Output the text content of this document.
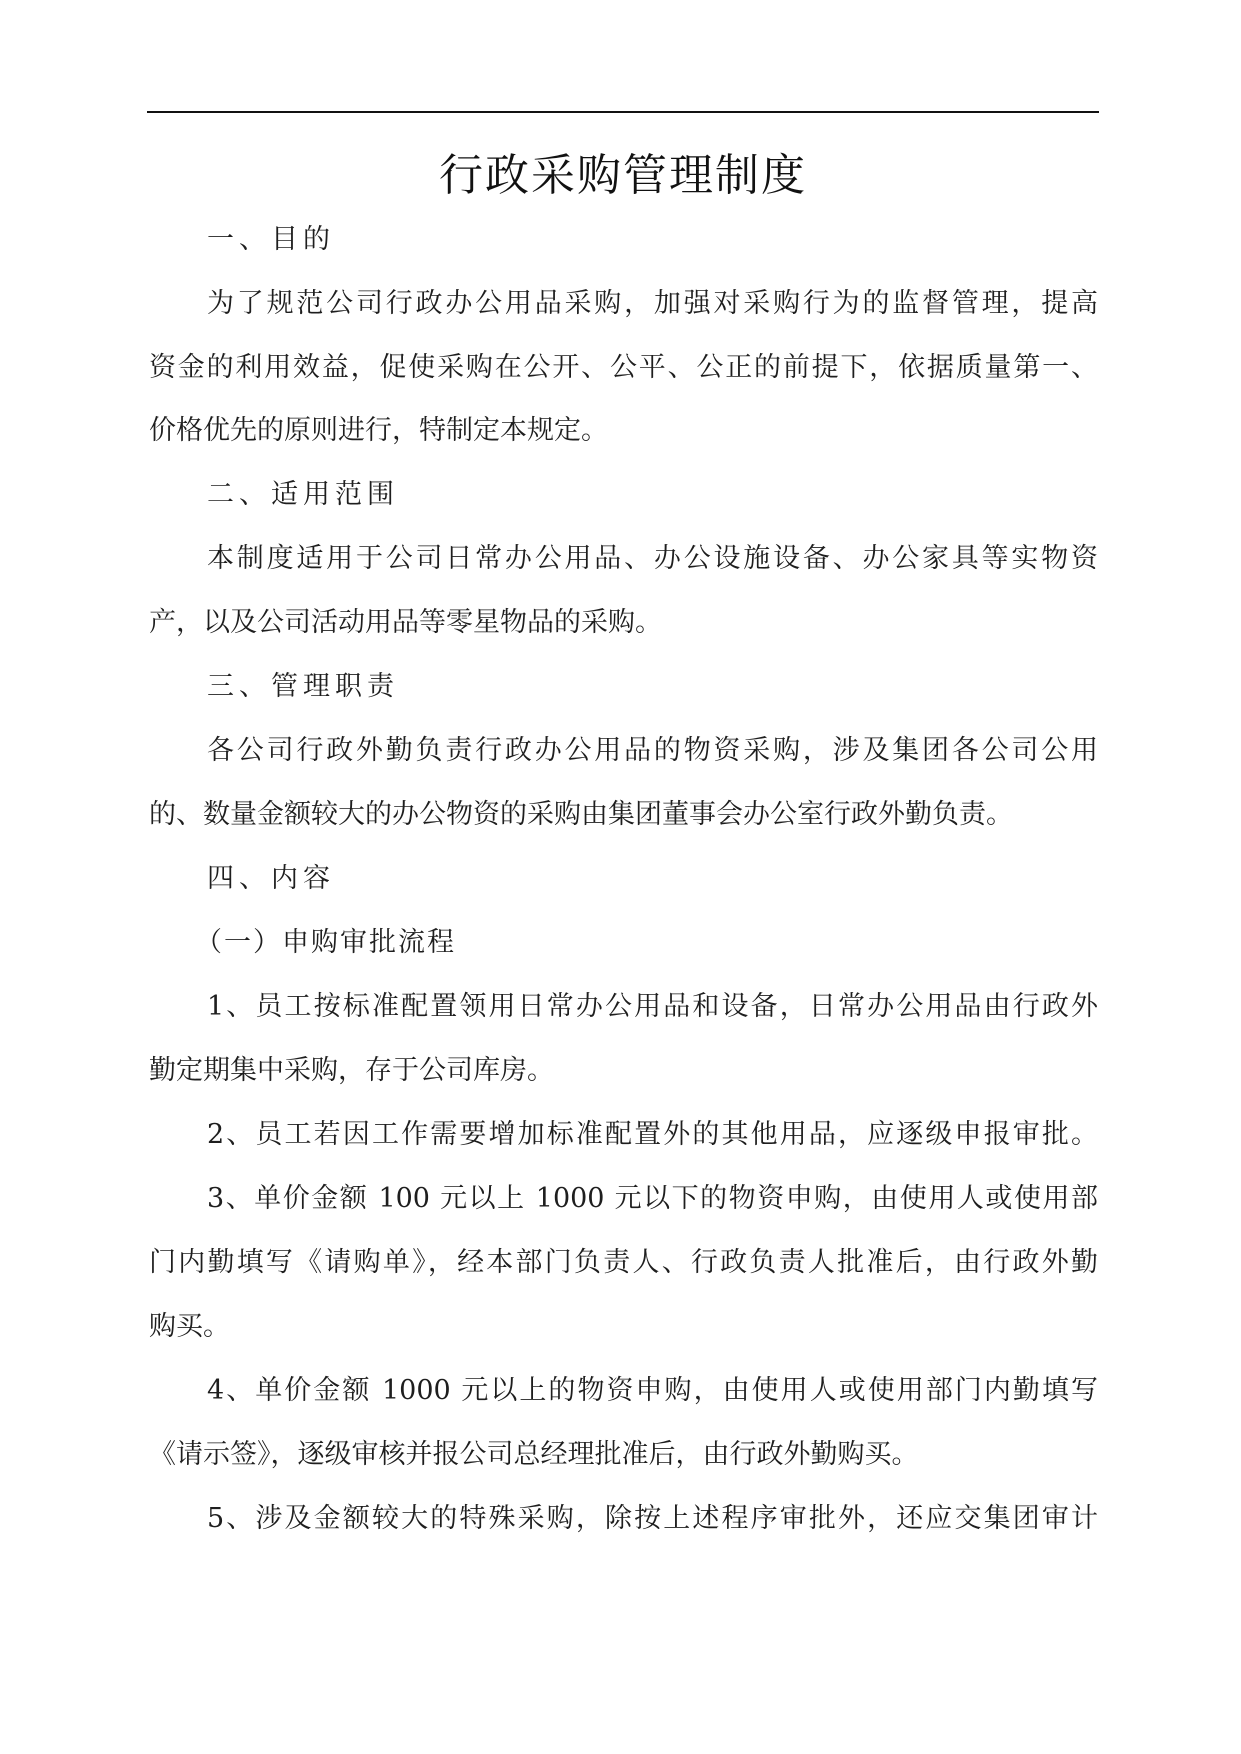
行政采购管理制度
一、目的
为了规范公司行政办公用品采购，加强对采购行为的监督管理，提高
资金的利用效益，促使采购在公开、公平、公正的前提下，依据质量第一、
价格优先的原则进行，特制定本规定。
二、适用范围
本制度适用于公司日常办公用品、办公设施设备、办公家具等实物资
产，以及公司活动用品等零星物品的采购。
三、管理职责
各公司行政外勤负责行政办公用品的物资采购，涉及集团各公司公用
的、数量金额较大的办公物资的采购由集团董事会办公室行政外勤负责。
四、内容
（一）申购审批流程
1、员工按标准配置领用日常办公用品和设备，日常办公用品由行政外
勤定期集中采购，存于公司库房。
2、员工若因工作需要增加标准配置外的其他用品，应逐级申报审批。
3、单价金额 100 元以上 1000 元以下的物资申购，由使用人或使用部
门内勤填写《请购单》，经本部门负责人、行政负责人批准后，由行政外勤
购买。
4、单价金额 1000 元以上的物资申购，由使用人或使用部门内勤填写
《请示签》，逐级审核并报公司总经理批准后，由行政外勤购买。
5、涉及金额较大的特殊采购，除按上述程序审批外，还应交集团审计
